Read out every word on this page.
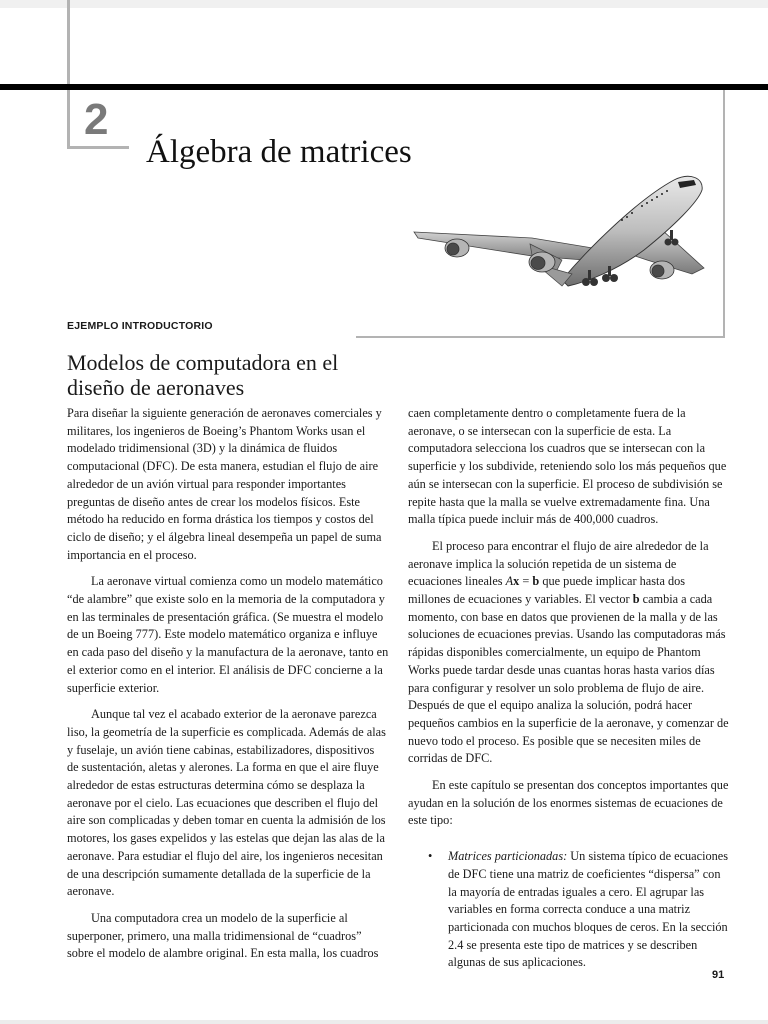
2
Álgebra de matrices
EJEMPLO INTRODUCTORIO
Modelos de computadora en el diseño de aeronaves

Para diseñar la siguiente generación de aeronaves comerciales y militares, los ingenieros de Boeing’s Phantom Works usan el modelado tridimensional (3D) y la dinámica de fluidos computacional (DFC). De esta manera, estudian el flujo de aire alrededor de un avión virtual para responder importantes preguntas de diseño antes de crear los modelos físicos. Este método ha reducido en forma drástica los tiempos y costos del ciclo de diseño; y el álgebra lineal desempeña un papel de suma importancia en el proceso.

La aeronave virtual comienza como un modelo matemático “de alambre” que existe solo en la memoria de la computadora y en las terminales de presentación gráfica. (Se muestra el modelo de un Boeing 777). Este modelo matemático organiza e influye en cada paso del diseño y la manufactura de la aeronave, tanto en el exterior como en el interior. El análisis de DFC concierne a la superficie exterior.

Aunque tal vez el acabado exterior de la aeronave parezca liso, la geometría de la superficie es complicada. Además de alas y fuselaje, un avión tiene cabinas, estabilizadores, dispositivos de sustentación, aletas y alerones. La forma en que el aire fluye alrededor de estas estructuras determina cómo se desplaza la aeronave por el cielo. Las ecuaciones que describen el flujo del aire son complicadas y deben tomar en cuenta la admisión de los motores, los gases expelidos y las estelas que dejan las alas de la aeronave. Para estudiar el flujo del aire, los ingenieros necesitan de una descripción sumamente detallada de la superficie de la aeronave.

Una computadora crea un modelo de la superficie al superponer, primero, una malla tridimensional de “cuadros” sobre el modelo de alambre original. En esta malla, los cuadros

caen completamente dentro o completamente fuera de la aeronave, o se intersecan con la superficie de esta. La computadora selecciona los cuadros que se intersecan con la superficie y los subdivide, reteniendo solo los más pequeños que aún se intersecan con la superficie. El proceso de subdivisión se repite hasta que la malla se vuelve extremadamente fina. Una malla típica puede incluir más de 400,000 cuadros.

El proceso para encontrar el flujo de aire alrededor de la aeronave implica la solución repetida de un sistema de ecuaciones lineales Ax = b que puede implicar hasta dos millones de ecuaciones y variables. El vector b cambia a cada momento, con base en datos que provienen de la malla y de las soluciones de ecuaciones previas. Usando las computadoras más rápidas disponibles comercialmente, un equipo de Phantom Works puede tardar desde unas cuantas horas hasta varios días para configurar y resolver un solo problema de flujo de aire. Después de que el equipo analiza la solución, podrá hacer pequeños cambios en la superficie de la aeronave, y comenzar de nuevo todo el proceso. Es posible que se necesiten miles de corridas de DFC.

En este capítulo se presentan dos conceptos importantes que ayudan en la solución de los enormes sistemas de ecuaciones de este tipo:

• Matrices particionadas: Un sistema típico de ecuaciones de DFC tiene una matriz de coeficientes “dispersa” con la mayoría de entradas iguales a cero. El agrupar las variables en forma correcta conduce a una matriz particionada con muchos bloques de ceros. En la sección 2.4 se presenta este tipo de matrices y se describen algunas de sus aplicaciones.

91
